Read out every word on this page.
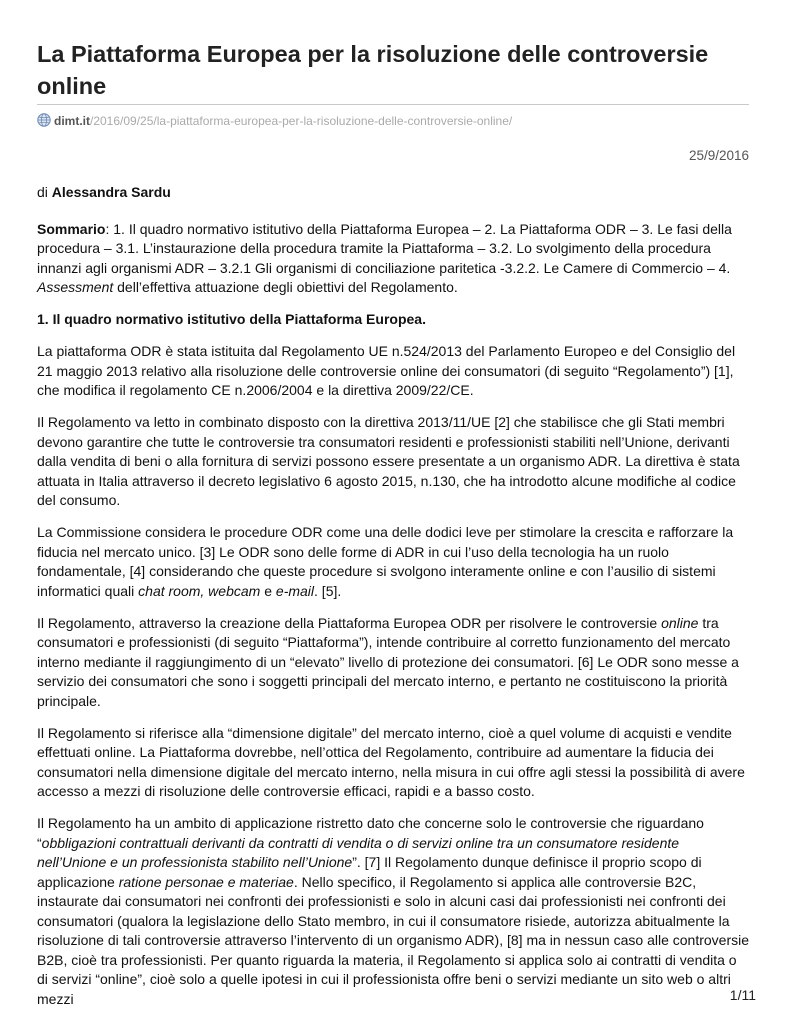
La Piattaforma Europea per la risoluzione delle controversie online
dimt.it/2016/09/25/la-piattaforma-europea-per-la-risoluzione-delle-controversie-online/
25/9/2016

di Alessandra Sardu

Sommario: 1. Il quadro normativo istitutivo della Piattaforma Europea – 2. La Piattaforma ODR – 3. Le fasi della procedura – 3.1. L’instaurazione della procedura tramite la Piattaforma – 3.2. Lo svolgimento della procedura innanzi agli organismi ADR – 3.2.1 Gli organismi di conciliazione paritetica -3.2.2. Le Camere di Commercio – 4. Assessment dell’effettiva attuazione degli obiettivi del Regolamento.

1. Il quadro normativo istitutivo della Piattaforma Europea.

La piattaforma ODR è stata istituita dal Regolamento UE n.524/2013 del Parlamento Europeo e del Consiglio del 21 maggio 2013 relativo alla risoluzione delle controversie online dei consumatori (di seguito “Regolamento”) [1], che modifica il regolamento CE n.2006/2004 e la direttiva 2009/22/CE.

Il Regolamento va letto in combinato disposto con la direttiva 2013/11/UE [2] che stabilisce che gli Stati membri devono garantire che tutte le controversie tra consumatori residenti e professionisti stabiliti nell’Unione, derivanti dalla vendita di beni o alla fornitura di servizi possono essere presentate a un organismo ADR. La direttiva è stata attuata in Italia attraverso il decreto legislativo 6 agosto 2015, n.130, che ha introdotto alcune modifiche al codice del consumo.

La Commissione considera le procedure ODR come una delle dodici leve per stimolare la crescita e rafforzare la fiducia nel mercato unico. [3] Le ODR sono delle forme di ADR in cui l’uso della tecnologia ha un ruolo fondamentale, [4] considerando che queste procedure si svolgono interamente online e con l’ausilio di sistemi informatici quali chat room, webcam e e-mail. [5].

Il Regolamento, attraverso la creazione della Piattaforma Europea ODR per risolvere le controversie online tra consumatori e professionisti (di seguito “Piattaforma”), intende contribuire al corretto funzionamento del mercato interno mediante il raggiungimento di un “elevato” livello di protezione dei consumatori. [6] Le ODR sono messe a servizio dei consumatori che sono i soggetti principali del mercato interno, e pertanto ne costituiscono la priorità principale.

Il Regolamento si riferisce alla “dimensione digitale” del mercato interno, cioè a quel volume di acquisti e vendite effettuati online. La Piattaforma dovrebbe, nell’ottica del Regolamento, contribuire ad aumentare la fiducia dei consumatori nella dimensione digitale del mercato interno, nella misura in cui offre agli stessi la possibilità di avere accesso a mezzi di risoluzione delle controversie efficaci, rapidi e a basso costo.

Il Regolamento ha un ambito di applicazione ristretto dato che concerne solo le controversie che riguardano “obbligazioni contrattuali derivanti da contratti di vendita o di servizi online tra un consumatore residente nell’Unione e un professionista stabilito nell’Unione”. [7] Il Regolamento dunque definisce il proprio scopo di applicazione ratione personae e materiae. Nello specifico, il Regolamento si applica alle controversie B2C, instaurate dai consumatori nei confronti dei professionisti e solo in alcuni casi dai professionisti nei confronti dei consumatori (qualora la legislazione dello Stato membro, in cui il consumatore risiede, autorizza abitualmente la risoluzione di tali controversie attraverso l’intervento di un organismo ADR), [8] ma in nessun caso alle controversie B2B, cioè tra professionisti. Per quanto riguarda la materia, il Regolamento si applica solo ai contratti di vendita o di servizi “online”, cioè solo a quelle ipotesi in cui il professionista offre beni o servizi mediante un sito web o altri mezzi	1/11
